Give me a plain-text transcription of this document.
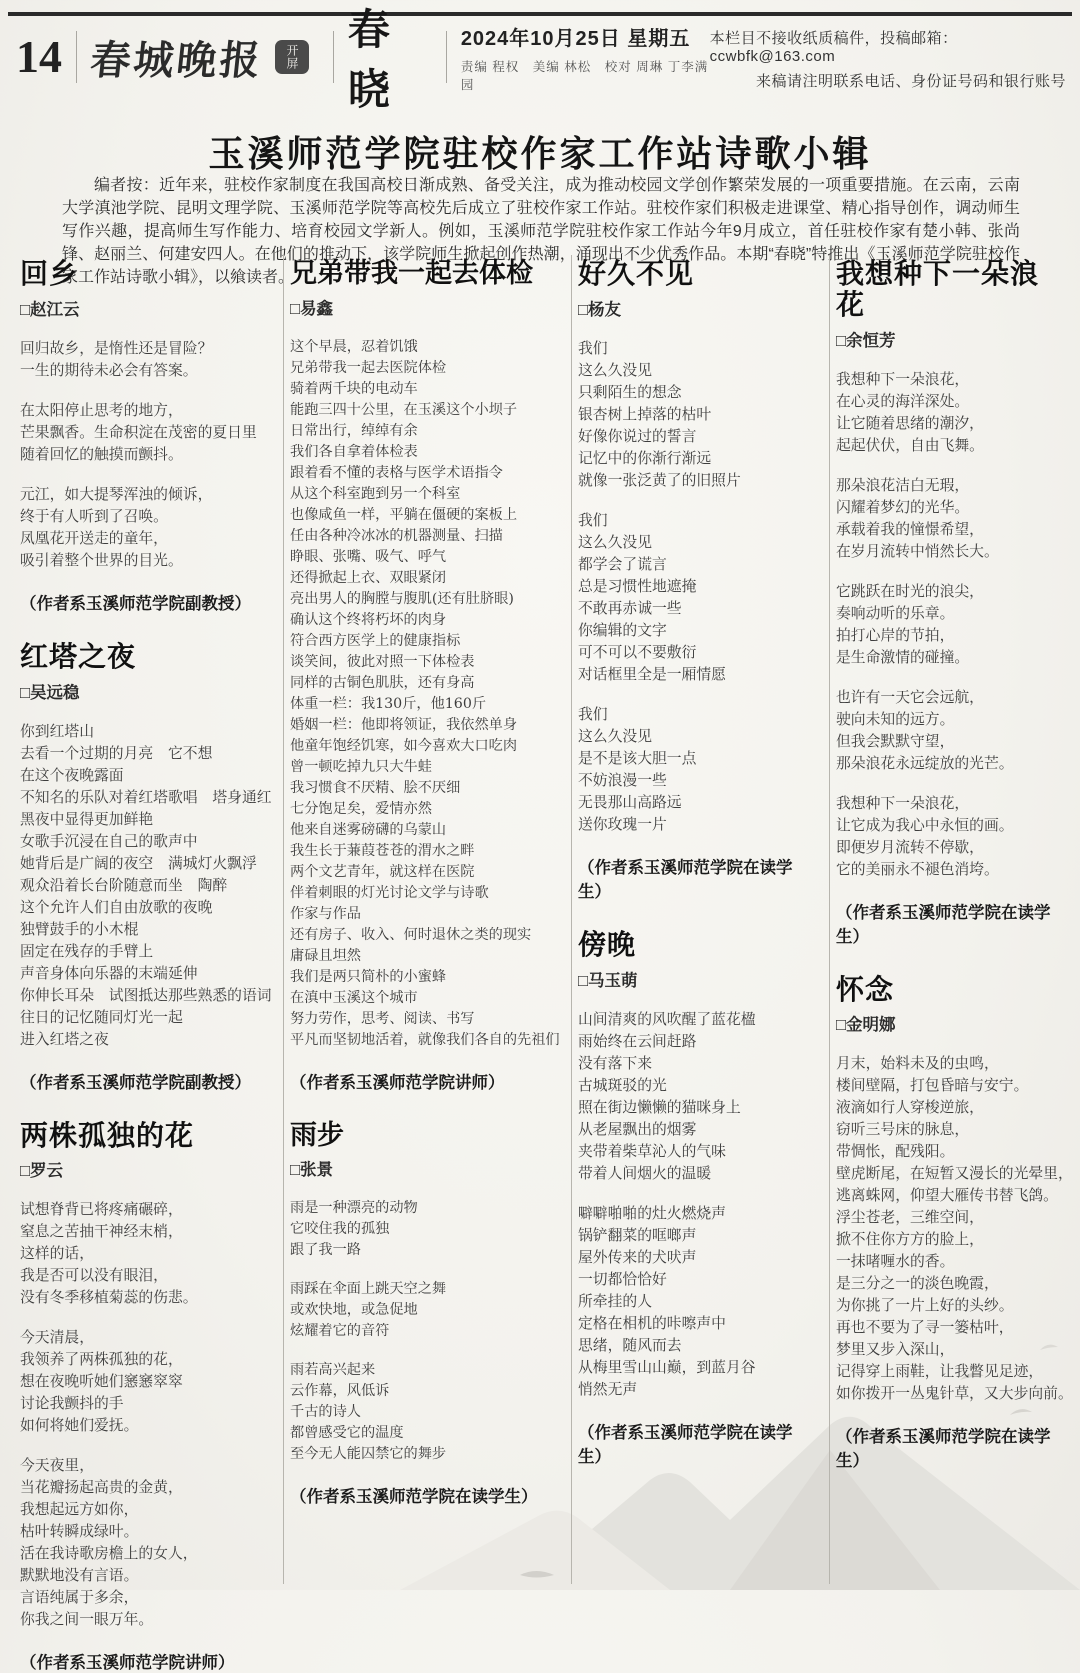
14 春城晚报	开屏
春晓
2024年10月25日 星期五
责编 程权　美编 林松　校对 周琳 丁李满园
本栏目不接收纸质稿件，投稿邮箱：ccwbfk@163.com
来稿请注明联系电话、身份证号码和银行账号
玉溪师范学院驻校作家工作站诗歌小辑

编者按：近年来，驻校作家制度在我国高校日渐成熟、备受关注，成为推动校园文学创作繁荣发展的一项重要措施。在云南，云南大学滇池学院、昆明文理学院、玉溪师范学院等高校先后成立了驻校作家工作站。驻校作家们积极走进课堂、精心指导创作，调动师生写作兴趣，提高师生写作能力、培育校园文学新人。例如，玉溪师范学院驻校作家工作站今年9月成立，首任驻校作家有楚小韩、张尚锋、赵丽兰、何建安四人。在他们的推动下，该学院师生掀起创作热潮，涌现出不少优秀作品。本期“春晓”特推出《玉溪师范学院驻校作家工作站诗歌小辑》，以飨读者。

回乡
□赵江云
回归故乡，是惰性还是冒险？
一生的期待未必会有答案。
在太阳停止思考的地方，
芒果飘香。生命积淀在茂密的夏日里
随着回忆的触摸而颤抖。
元江，如大提琴浑浊的倾诉，
终于有人听到了召唤。
凤凰花开送走的童年，
吸引着整个世界的目光。
（作者系玉溪师范学院副教授）
红塔之夜
□吴远稳
你到红塔山
去看一个过期的月亮　它不想
在这个夜晚露面
不知名的乐队对着红塔歌唱　塔身通红
黑夜中显得更加鲜艳
女歌手沉浸在自己的歌声中
她背后是广阔的夜空　满城灯火飘浮
观众沿着长台阶随意而坐　陶醉
这个允许人们自由放歌的夜晚
独臂鼓手的小木棍
固定在残存的手臂上
声音身体向乐器的末端延伸
你伸长耳朵　试图抵达那些熟悉的语词
往日的记忆随同灯光一起
进入红塔之夜
（作者系玉溪师范学院副教授）
两株孤独的花
□罗云
试想脊背已将疼痛碾碎，
窒息之苦抽干神经末梢，
这样的话，
我是否可以没有眼泪，
没有冬季移植菊蕊的伤悲。
今天清晨，
我领养了两株孤独的花，
想在夜晚听她们窸窸窣窣
讨论我颤抖的手
如何将她们爱抚。
今天夜里，
当花瓣扬起高贵的金黄，
我想起远方如你，
枯叶转瞬成绿叶。
活在我诗歌房檐上的女人，
默默地没有言语。
言语纯属于多余，
你我之间一眼万年。
（作者系玉溪师范学院讲师）
兄弟带我一起去体检
□易鑫
这个早晨，忍着饥饿
兄弟带我一起去医院体检
骑着两千块的电动车
能跑三四十公里，在玉溪这个小坝子
日常出行，绰绰有余
我们各自拿着体检表
跟着看不懂的表格与医学术语指令
从这个科室跑到另一个科室
也像咸鱼一样，平躺在僵硬的案板上
任由各种冷冰冰的机器测量、扫描
睁眼、张嘴、吸气、呼气
还得掀起上衣、双眼紧闭
亮出男人的胸膛与腹肌(还有肚脐眼)
确认这个终将朽坏的肉身
符合西方医学上的健康指标
谈笑间，彼此对照一下体检表
同样的古铜色肌肤，还有身高
体重一栏：我130斤，他160斤
婚姻一栏：他即将领证，我依然单身
他童年饱经饥寒，如今喜欢大口吃肉
曾一顿吃掉九只大牛蛙
我习惯食不厌精、脍不厌细
七分饱足矣，爱情亦然
他来自迷雾磅礴的乌蒙山
我生长于蒹葭苍苍的渭水之畔
两个文艺青年，就这样在医院
伴着刺眼的灯光讨论文学与诗歌
作家与作品
还有房子、收入、何时退休之类的现实
庸碌且坦然
我们是两只简朴的小蜜蜂
在滇中玉溪这个城市
努力劳作，思考、阅读、书写
平凡而坚韧地活着，就像我们各自的先祖们
（作者系玉溪师范学院讲师）
雨步
□张景
雨是一种漂亮的动物
它咬住我的孤独
跟了我一路
雨踩在伞面上跳天空之舞
或欢快地，或急促地
炫耀着它的音符
雨若高兴起来
云作幕，风低诉
千古的诗人
都曾感受它的温度
至今无人能囚禁它的舞步
（作者系玉溪师范学院在读学生）
好久不见
□杨友
我们
这么久没见
只剩陌生的想念
银杏树上掉落的枯叶
好像你说过的誓言
记忆中的你渐行渐远
就像一张泛黄了的旧照片
我们
这么久没见
都学会了谎言
总是习惯性地遮掩
不敢再赤诚一些
你编辑的文字
可不可以不要敷衍
对话框里全是一厢情愿
我们
这么久没见
是不是该大胆一点
不妨浪漫一些
无畏那山高路远
送你玫瑰一片
（作者系玉溪师范学院在读学生）
傍晚
□马玉萌
山间清爽的风吹醒了蓝花楹
雨始终在云间赶路
没有落下来
古城斑驳的光
照在街边懒懒的猫咪身上
从老屋飘出的烟雾
夹带着柴草沁人的气味
带着人间烟火的温暖
噼噼啪啪的灶火燃烧声
锅铲翻菜的哐啷声
屋外传来的犬吠声
一切都恰恰好
所牵挂的人
定格在相机的咔嚓声中
思绪，随风而去
从梅里雪山山巅，到蓝月谷
悄然无声
（作者系玉溪师范学院在读学生）
我想种下一朵浪花
□余恒芳
我想种下一朵浪花，
在心灵的海洋深处。
让它随着思绪的潮汐，
起起伏伏，自由飞舞。
那朵浪花洁白无瑕，
闪耀着梦幻的光华。
承载着我的憧憬希望，
在岁月流转中悄然长大。
它跳跃在时光的浪尖，
奏响动听的乐章。
拍打心岸的节拍，
是生命激情的碰撞。
也许有一天它会远航，
驶向未知的远方。
但我会默默守望，
那朵浪花永远绽放的光芒。
我想种下一朵浪花，
让它成为我心中永恒的画。
即便岁月流转不停歇，
它的美丽永不褪色消垮。
（作者系玉溪师范学院在读学生）
怀念
□金明娜
月末，始料未及的虫鸣，
楼间壁隔，打包昏暗与安宁。
液滴如行人穿梭逆旅，
窃听三号床的脉息，
带惆怅，配残阳。
壁虎断尾，在短暂又漫长的光晕里，
逃离蛛网，仰望大雁传书替飞鸽。
浮尘苍老，三维空间，
掀不住你方方的脸上，
一抹啫喱水的香。
是三分之一的淡色晚霞，
为你挑了一片上好的头纱。
再也不要为了寻一篓枯叶，
梦里又步入深山，
记得穿上雨鞋，让我瞥见足迹，
如你拨开一丛鬼针草，又大步向前。
（作者系玉溪师范学院在读学生）
